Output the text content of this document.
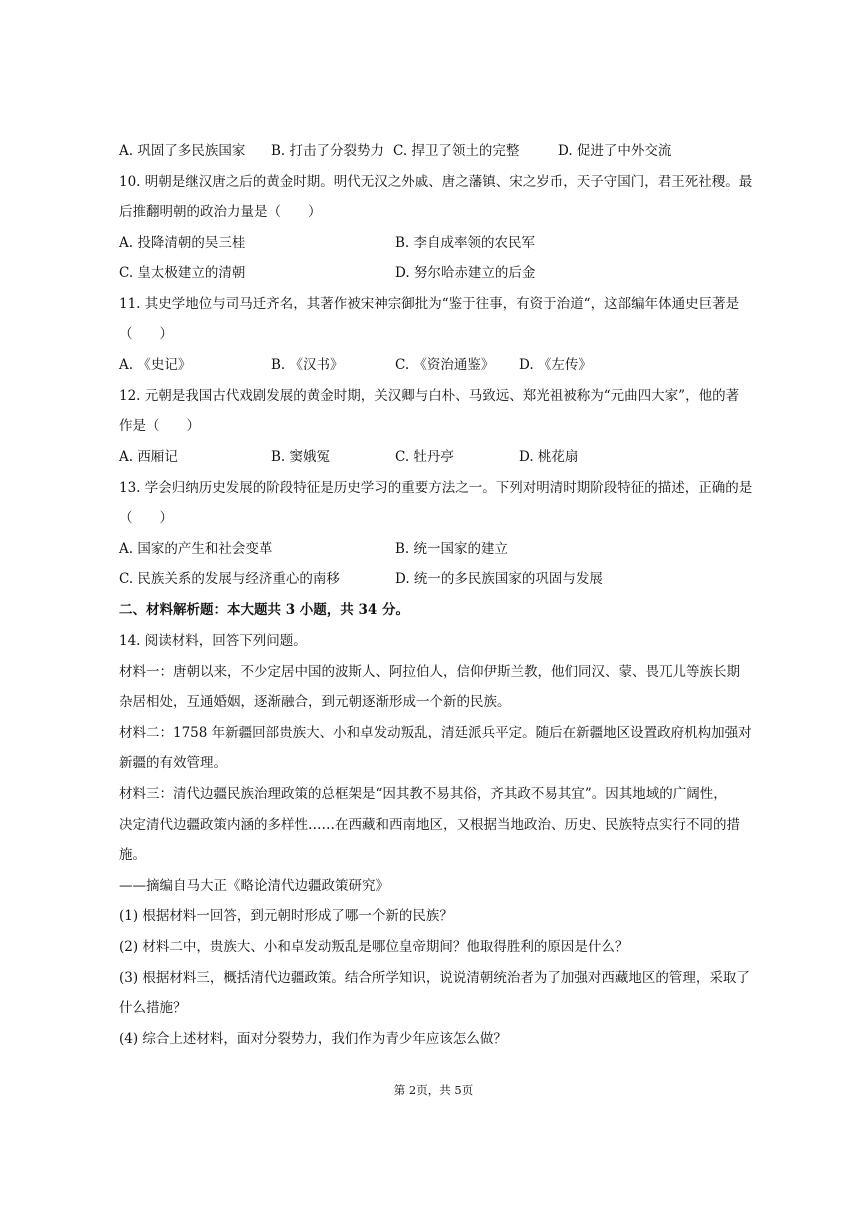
A. 巩固了多民族国家 B. 打击了分裂势力 C. 捍卫了领土的完整	D. 促进了中外交流
10. 明朝是继汉唐之后的黄金时期。明代无汉之外戚、唐之藩镇、宋之岁币，天子守国门，君王死社稷。最
后推翻明朝的政治力量是（　　）
A. 投降清朝的吴三桂	B. 李自成率领的农民军
C. 皇太极建立的清朝	D. 努尔哈赤建立的后金
11. 其史学地位与司马迁齐名，其著作被宋神宗御批为“鉴于往事，有资于治道“，这部编年体通史巨著是
（　　）
A. 《史记》	B. 《汉书》	C. 《资治通鉴》 D. 《左传》
12. 元朝是我国古代戏剧发展的黄金时期，关汉卿与白朴、马致远、郑光祖被称为“元曲四大家”，他的著
作是（　　）
A. 西厢记	B. 窦娥冤	C. 牡丹亭	D. 桃花扇
13. 学会归纳历史发展的阶段特征是历史学习的重要方法之一。下列对明清时期阶段特征的描述，正确的是
（　　）
A. 国家的产生和社会变革	B. 统一国家的建立
C. 民族关系的发展与经济重心的南移	D. 统一的多民族国家的巩固与发展
二、材料解析题：本大题共 3 小题，共 34 分。
14. 阅读材料，回答下列问题。
材料一：唐朝以来，不少定居中国的波斯人、阿拉伯人，信仰伊斯兰教，他们同汉、蒙、畏兀儿等族长期
杂居相处，互通婚姻，逐渐融合，到元朝逐渐形成一个新的民族。
材料二：1758 年新疆回部贵族大、小和卓发动叛乱，清廷派兵平定。随后在新疆地区设置政府机构加强对
新疆的有效管理。
材料三：清代边疆民族治理政策的总框架是“因其教不易其俗，齐其政不易其宜”。因其地域的广阔性，
决定清代边疆政策内涵的多样性……在西藏和西南地区，又根据当地政治、历史、民族特点实行不同的措
施。
——摘编自马大正《略论清代边疆政策研究》
(1) 根据材料一回答，到元朝时形成了哪一个新的民族？
(2) 材料二中，贵族大、小和卓发动叛乱是哪位皇帝期间？他取得胜利的原因是什么？
(3) 根据材料三，概括清代边疆政策。结合所学知识，说说清朝统治者为了加强对西藏地区的管理，采取了
什么措施？
(4) 综合上述材料，面对分裂势力，我们作为青少年应该怎么做？
第 2页，共 5页
